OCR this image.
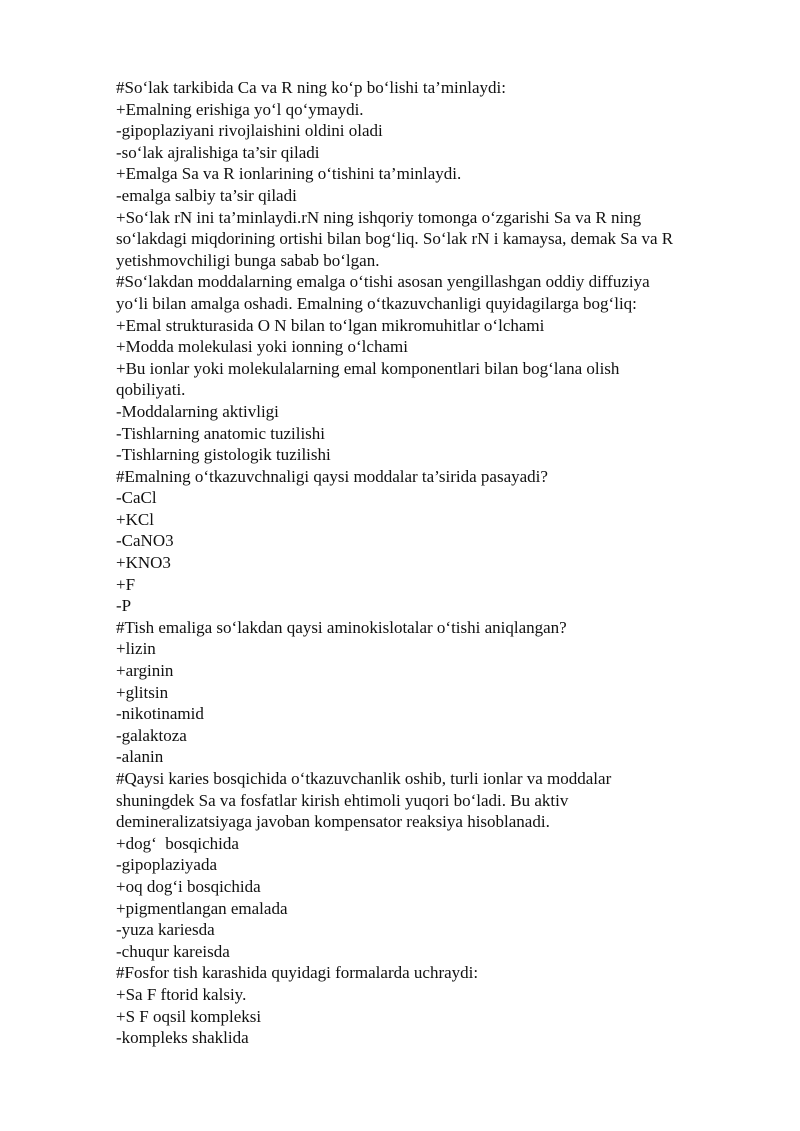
#So‘lak tarkibida Ca va R ning ko‘p bo‘lishi ta’minlaydi:
+Emalning erishiga yo‘l qo‘ymaydi.
-gipoplaziyani rivojlaishini oldini oladi
-so‘lak ajralishiga ta’sir qiladi
+Emalga Sa va R ionlarining o‘tishini ta’minlaydi.
-emalga salbiy ta’sir qiladi
+So‘lak rN ini ta’minlaydi.rN ning ishqoriy tomonga o‘zgarishi Sa va R ning
so‘lakdagi miqdorining ortishi bilan bog‘liq. So‘lak rN i kamaysa, demak Sa va R
yetishmovchiligi bunga sabab bo‘lgan.
#So‘lakdan moddalarning emalga o‘tishi asosan yengillashgan oddiy diffuziya
yo‘li bilan amalga oshadi. Emalning o‘tkazuvchanligi quyidagilarga bog‘liq:
+Emal strukturasida O N bilan to‘lgan mikromuhitlar o‘lchami
+Modda molekulasi yoki ionning o‘lchami
+Bu ionlar yoki molekulalarning emal komponentlari bilan bog‘lana olish
qobiliyati.
-Moddalarning aktivligi
-Tishlarning anatomic tuzilishi
-Tishlarning gistologik tuzilishi
#Emalning o‘tkazuvchnaligi qaysi moddalar ta’sirida pasayadi?
-CaCl
+KCl
-CaNO3
+KNO3
+F
-P
#Tish emaliga so‘lakdan qaysi aminokislotalar o‘tishi aniqlangan?
+lizin
+arginin
+glitsin
-nikotinamid
-galaktoza
-alanin
#Qaysi karies bosqichida o‘tkazuvchanlik oshib, turli ionlar va moddalar
shuningdek Sa va fosfatlar kirish ehtimoli yuqori bo‘ladi. Bu aktiv
demineralizatsiyaga javoban kompensator reaksiya hisoblanadi.
+dog‘  bosqichida
-gipoplaziyada
+oq dog‘i bosqichida
+pigmentlangan emalada
-yuza kariesda
-chuqur kareisda
#Fosfor tish karashida quyidagi formalarda uchraydi:
+Sa F ftorid kalsiy.
+S F oqsil kompleksi
-kompleks shaklida
